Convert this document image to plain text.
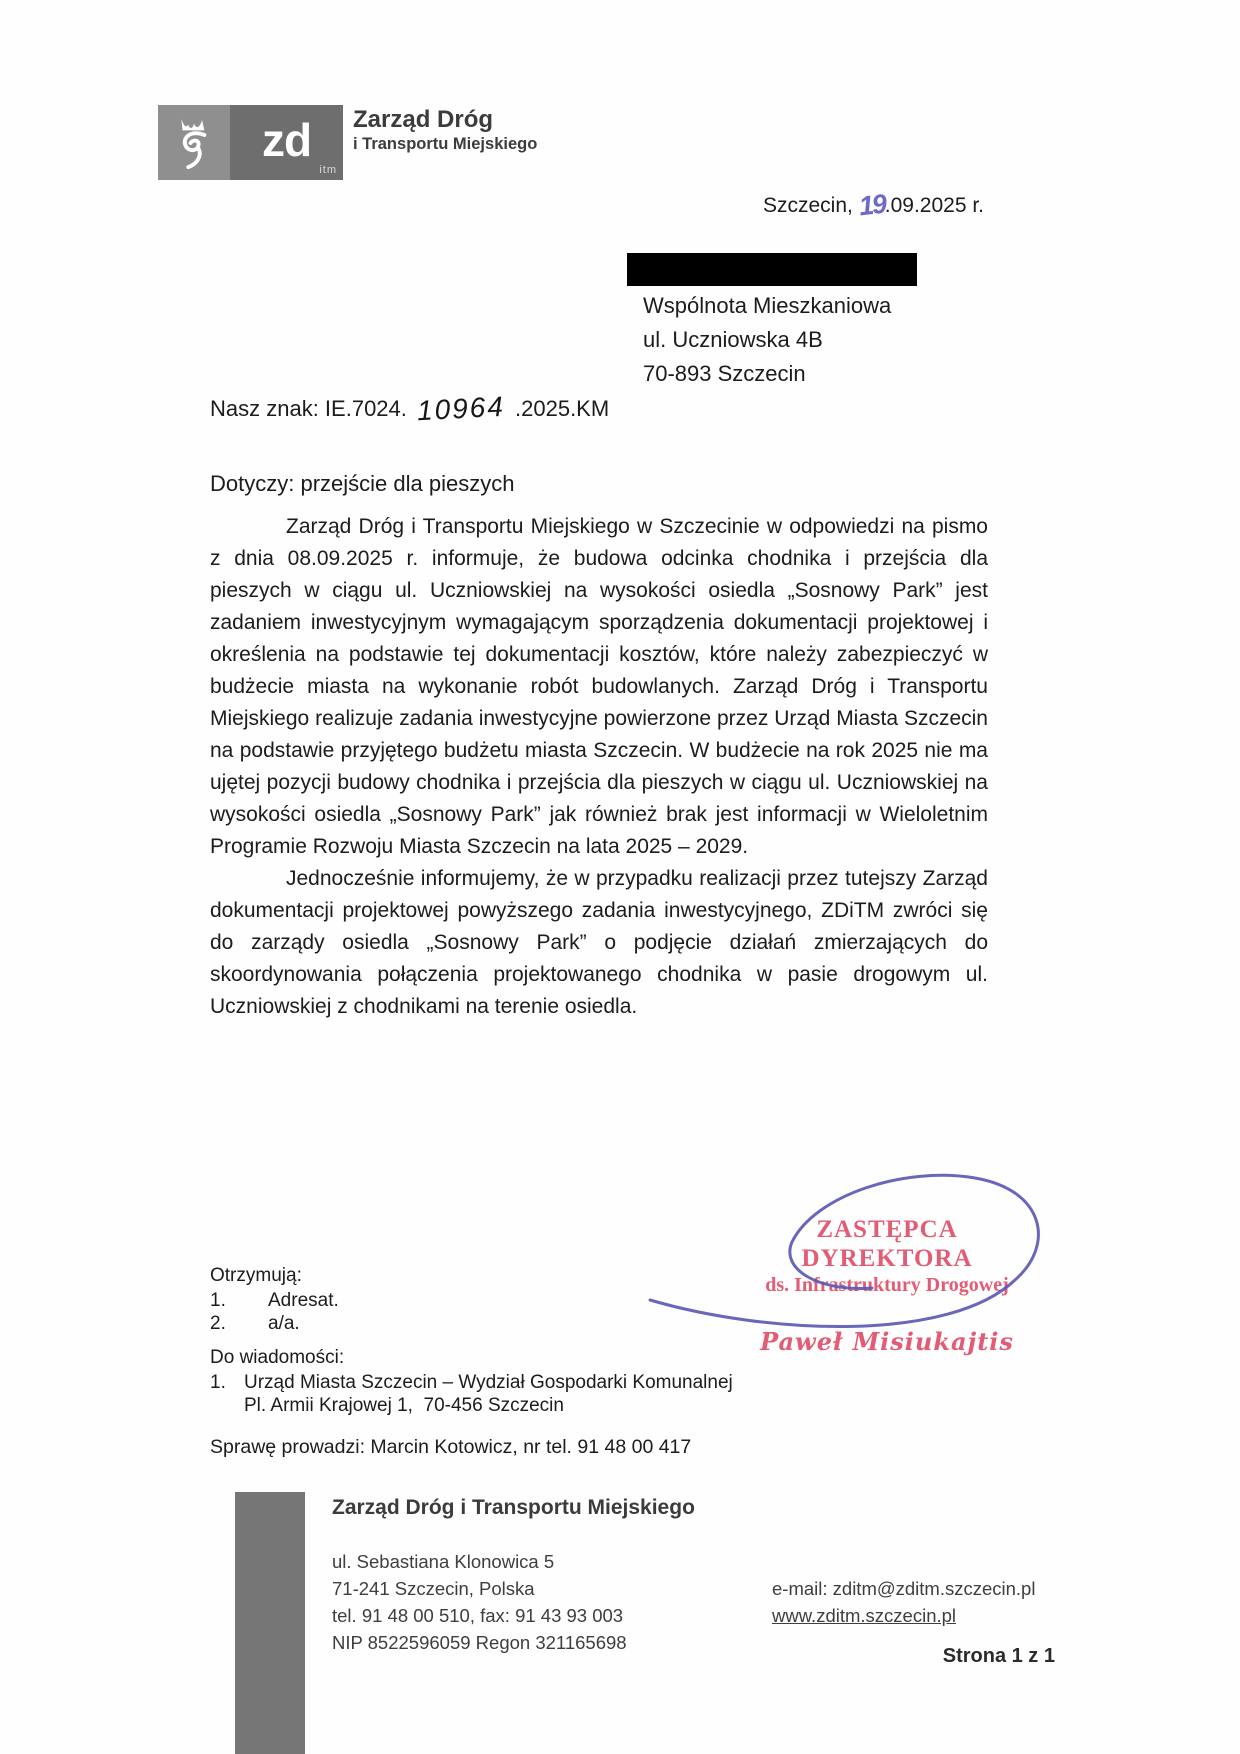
zd
itm
Zarząd Dróg
i Transportu Miejskiego
Szczecin, 19.09.2025 r.
Wspólnota Mieszkaniowa
ul. Uczniowska 4B
70-893 Szczecin
Nasz znak: IE.7024. 10964 .2025.KM
Dotyczy: przejście dla pieszych

Zarząd Dróg i Transportu Miejskiego w Szczecinie w odpowiedzi na pismo z dnia 08.09.2025 r. informuje, że budowa odcinka chodnika i przejścia dla pieszych w ciągu ul. Uczniowskiej na wysokości osiedla „Sosnowy Park” jest zadaniem inwestycyjnym wymagającym sporządzenia dokumentacji projektowej i określenia na podstawie tej dokumentacji kosztów, które należy zabezpieczyć w budżecie miasta na wykonanie robót budowlanych. Zarząd Dróg i Transportu Miejskiego realizuje zadania inwestycyjne powierzone przez Urząd Miasta Szczecin na podstawie przyjętego budżetu miasta Szczecin. W budżecie na rok 2025 nie ma ujętej pozycji budowy chodnika i przejścia dla pieszych w ciągu ul. Uczniowskiej na wysokości osiedla „Sosnowy Park” jak również brak jest informacji w Wieloletnim Programie Rozwoju Miasta Szczecin na lata 2025 – 2029.

Jednocześnie informujemy, że w przypadku realizacji przez tutejszy Zarząd dokumentacji projektowej powyższego zadania inwestycyjnego, ZDiTM zwróci się do zarządy osiedla „Sosnowy Park” o podjęcie działań zmierzających do skoordynowania połączenia projektowanego chodnika w pasie drogowym ul. Uczniowskiej z chodnikami na terenie osiedla.

ZASTĘPCA DYREKTORA
ds. Infrastruktury Drogowej
Paweł Misiukajtis
Otrzymują:
1. Adresat.
2. a/a.
Do wiadomości:
1. Urząd Miasta Szczecin – Wydział Gospodarki Komunalnej
Pl. Armii Krajowej 1,  70-456 Szczecin
Sprawę prowadzi: Marcin Kotowicz, nr tel. 91 48 00 417
Zarząd Dróg i Transportu Miejskiego
ul. Sebastiana Klonowica 5
71-241 Szczecin, Polska
tel. 91 48 00 510, fax: 91 43 93 003
NIP 8522596059 Regon 321165698
e-mail: zditm@zditm.szczecin.pl
www.zditm.szczecin.pl
Strona 1 z 1
